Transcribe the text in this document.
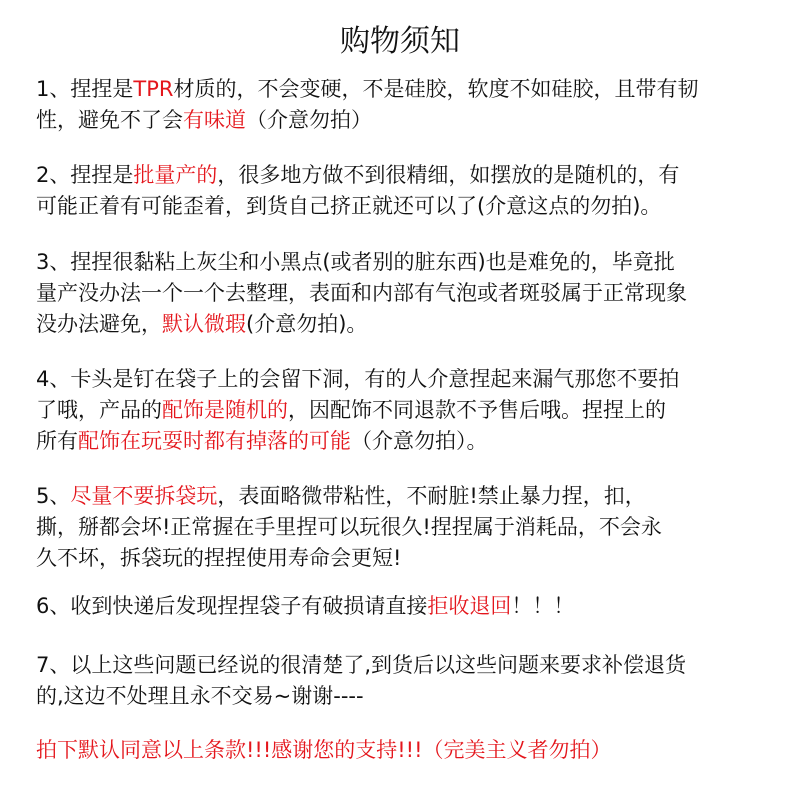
购物须知
1、捏捏是TPR材质的，不会变硬，不是硅胶，软度不如硅胶，且带有韧
性，避免不了会有味道（介意勿拍）
2、捏捏是批量产的，很多地方做不到很精细，如摆放的是随机的，有
可能正着有可能歪着，到货自己挤正就还可以了(介意这点的勿拍)。
3、捏捏很黏粘上灰尘和小黑点(或者别的脏东西)也是难免的，毕竟批
量产没办法一个一个去整理，表面和内部有气泡或者斑驳属于正常现象
没办法避免，默认微瑕(介意勿拍)。
4、卡头是钉在袋子上的会留下洞，有的人介意捏起来漏气那您不要拍
了哦，产品的配饰是随机的，因配饰不同退款不予售后哦。捏捏上的
所有配饰在玩耍时都有掉落的可能（介意勿拍）。
5、尽量不要拆袋玩，表面略微带粘性，不耐脏!禁止暴力捏，扣，
撕，掰都会坏!正常握在手里捏可以玩很久!捏捏属于消耗品，不会永
久不坏，拆袋玩的捏捏使用寿命会更短!
6、收到快递后发现捏捏袋子有破损请直接拒收退回！！！
7、以上这些问题已经说的很清楚了,到货后以这些问题来要求补偿退货
的,这边不处理且永不交易~谢谢----
拍下默认同意以上条款!!!感谢您的支持!!!（完美主义者勿拍）
